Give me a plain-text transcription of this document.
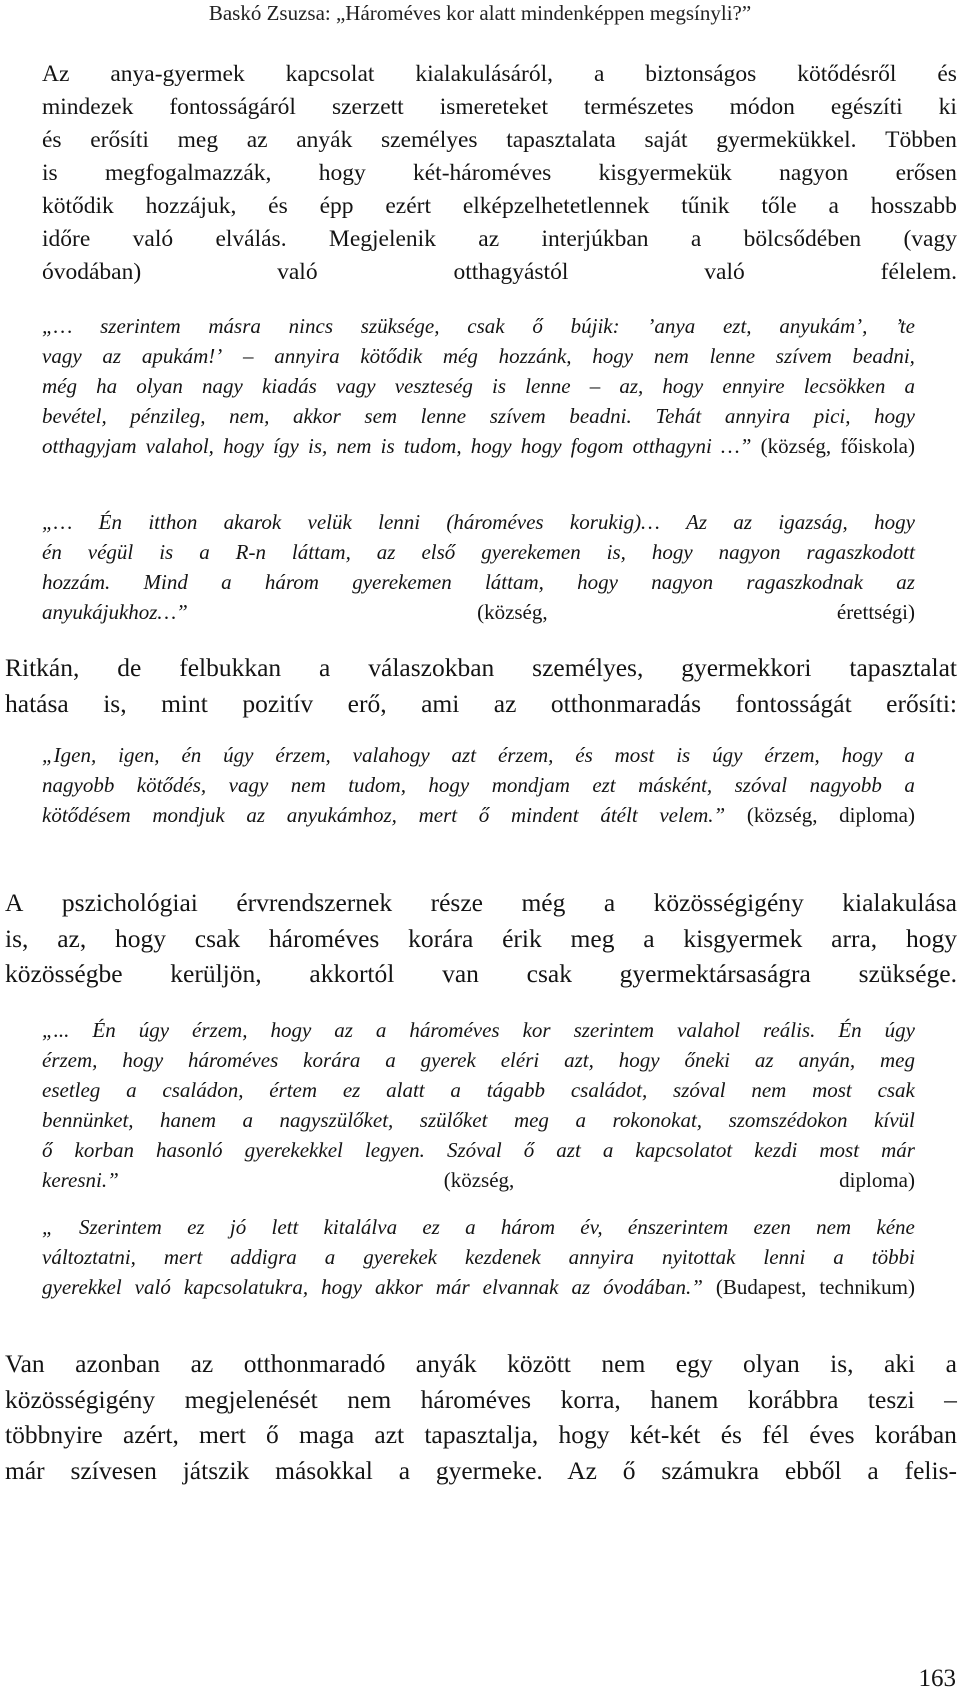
Baskó Zsuzsa: „Hároméves kor alatt mindenképpen megsínyli?”
Az anya-gyermek kapcsolat kialakulásáról, a biztonságos kötődésről és
mindezek fontosságáról szerzett ismereteket természetes módon egészíti ki
és erősíti meg az anyák személyes tapasztalata saját gyermekükkel. Többen
is megfogalmazzák, hogy két-hároméves kisgyermekük nagyon erősen
kötődik hozzájuk, és épp ezért elképzelhetetlennek tűnik tőle a hosszabb
időre való elválás. Megjelenik az interjúkban a bölcsődében (vagy
óvodában) való otthagyástól való félelem.
„… szerintem másra nincs szüksége, csak ő bújik: ’anya ezt, anyukám’, ’te
vagy az apukám!’ – annyira kötődik még hozzánk, hogy nem lenne szívem beadni,
még ha olyan nagy kiadás vagy veszteség is lenne – az, hogy ennyire lecsökken a
bevétel, pénzileg, nem, akkor sem lenne szívem beadni. Tehát annyira pici, hogy
otthagyjam valahol, hogy így is, nem is tudom, hogy hogy fogom otthagyni …” (község, főiskola)
„… Én itthon akarok velük lenni (hároméves korukig)… Az az igazság, hogy
én végül is a R-n láttam, az első gyerekemen is, hogy nagyon ragaszkodott
hozzám. Mind a három gyerekemen láttam, hogy nagyon ragaszkodnak az
anyukájukhoz…” (község, érettségi)
Ritkán, de felbukkan a válaszokban személyes, gyermekkori tapasztalat
hatása is, mint pozitív erő, ami az otthonmaradás fontosságát erősíti:
„Igen, igen, én úgy érzem, valahogy azt érzem, és most is úgy érzem, hogy a
nagyobb kötődés, vagy nem tudom, hogy mondjam ezt másként, szóval nagyobb a
kötődésem mondjuk az anyukámhoz, mert ő mindent átélt velem.” (község, diploma)
A pszichológiai érvrendszernek része még a közösségigény kialakulása
is, az, hogy csak hároméves korára érik meg a kisgyermek arra, hogy
közösségbe kerüljön, akkortól van csak gyermektársaságra szüksége.
„... Én úgy érzem, hogy az a hároméves kor szerintem valahol reális. Én úgy
érzem, hogy hároméves korára a gyerek eléri azt, hogy őneki az anyán, meg
esetleg a családon, értem ez alatt a tágabb családot, szóval nem most csak
bennünket, hanem a nagyszülőket, szülőket meg a rokonokat, szomszédokon kívül
ő korban hasonló gyerekekkel legyen. Szóval ő azt a kapcsolatot kezdi most már
keresni.” (község, diploma)
„ Szerintem ez jó lett kitalálva ez a három év, énszerintem ezen nem kéne
változtatni, mert addigra a gyerekek kezdenek annyira nyitottak lenni a többi
gyerekkel való kapcsolatukra, hogy akkor már elvannak az óvodában.” (Budapest, technikum)
Van azonban az otthonmaradó anyák között nem egy olyan is, aki a
közösségigény megjelenését nem hároméves korra, hanem korábbra teszi –
többnyire azért, mert ő maga azt tapasztalja, hogy két-két és fél éves korában
már szívesen játszik másokkal a gyermeke. Az ő számukra ebből a felis-
163
